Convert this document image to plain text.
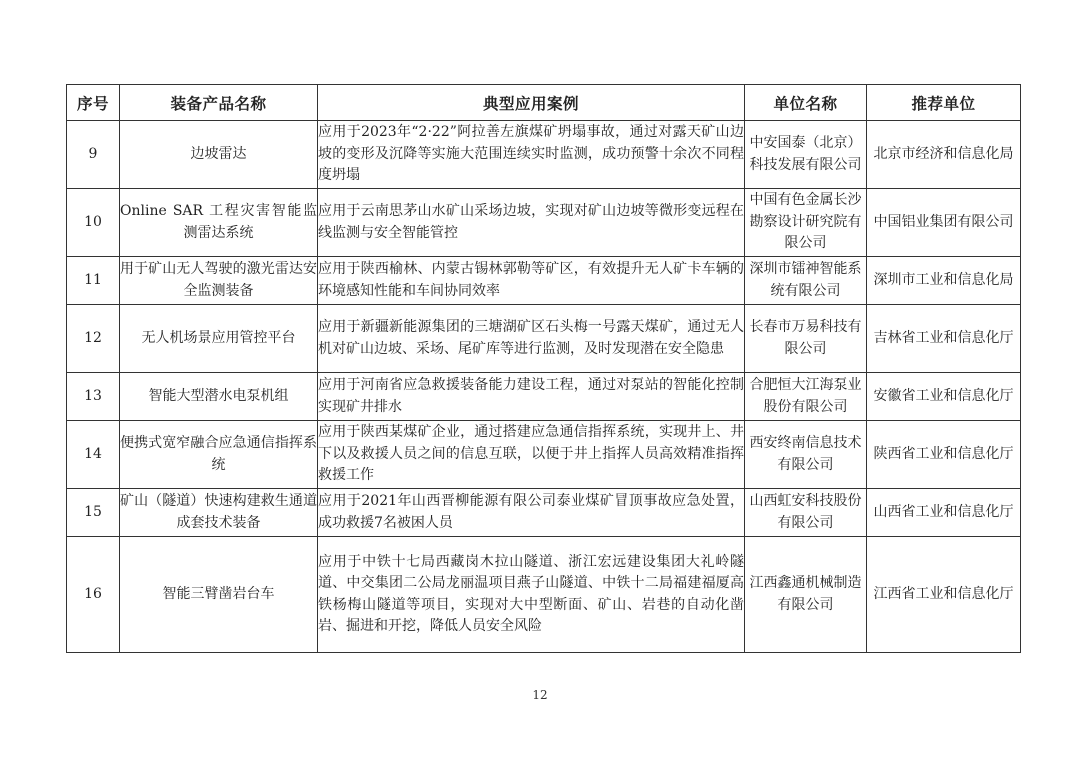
序号	装备产品名称	典型应用案例	单位名称	推荐单位
9	边坡雷达	应用于2023年“2·22”阿拉善左旗煤矿坍塌事故，通过对露天矿山边坡的变形及沉降等实施大范围连续实时监测，成功预警十余次不同程度坍塌	中安国泰（北京）科技发展有限公司	北京市经济和信息化局
10	Online SAR 工程灾害智能监测雷达系统	应用于云南思茅山水矿山采场边坡，实现对矿山边坡等微形变远程在线监测与安全智能管控	中国有色金属长沙勘察设计研究院有限公司	中国铝业集团有限公司
11	用于矿山无人驾驶的激光雷达安全监测装备	应用于陕西榆林、内蒙古锡林郭勒等矿区，有效提升无人矿卡车辆的环境感知性能和车间协同效率	深圳市镭神智能系统有限公司	深圳市工业和信息化局
12	无人机场景应用管控平台	应用于新疆新能源集团的三塘湖矿区石头梅一号露天煤矿，通过无人机对矿山边坡、采场、尾矿库等进行监测，及时发现潜在安全隐患	长春市万易科技有限公司	吉林省工业和信息化厅
13	智能大型潜水电泵机组	应用于河南省应急救援装备能力建设工程，通过对泵站的智能化控制实现矿井排水	合肥恒大江海泵业股份有限公司	安徽省工业和信息化厅
14	便携式宽窄融合应急通信指挥系统	应用于陕西某煤矿企业，通过搭建应急通信指挥系统，实现井上、井下以及救援人员之间的信息互联，以便于井上指挥人员高效精准指挥救援工作	西安终南信息技术有限公司	陕西省工业和信息化厅
15	矿山（隧道）快速构建救生通道成套技术装备	应用于2021年山西晋柳能源有限公司泰业煤矿冒顶事故应急处置，成功救援7名被困人员	山西虹安科技股份有限公司	山西省工业和信息化厅
16	智能三臂凿岩台车	应用于中铁十七局西藏岗木拉山隧道、浙江宏远建设集团大礼岭隧道、中交集团二公局龙丽温项目燕子山隧道、中铁十二局福建福厦高铁杨梅山隧道等项目，实现对大中型断面、矿山、岩巷的自动化凿岩、掘进和开挖，降低人员安全风险	江西鑫通机械制造有限公司	江西省工业和信息化厅
12
